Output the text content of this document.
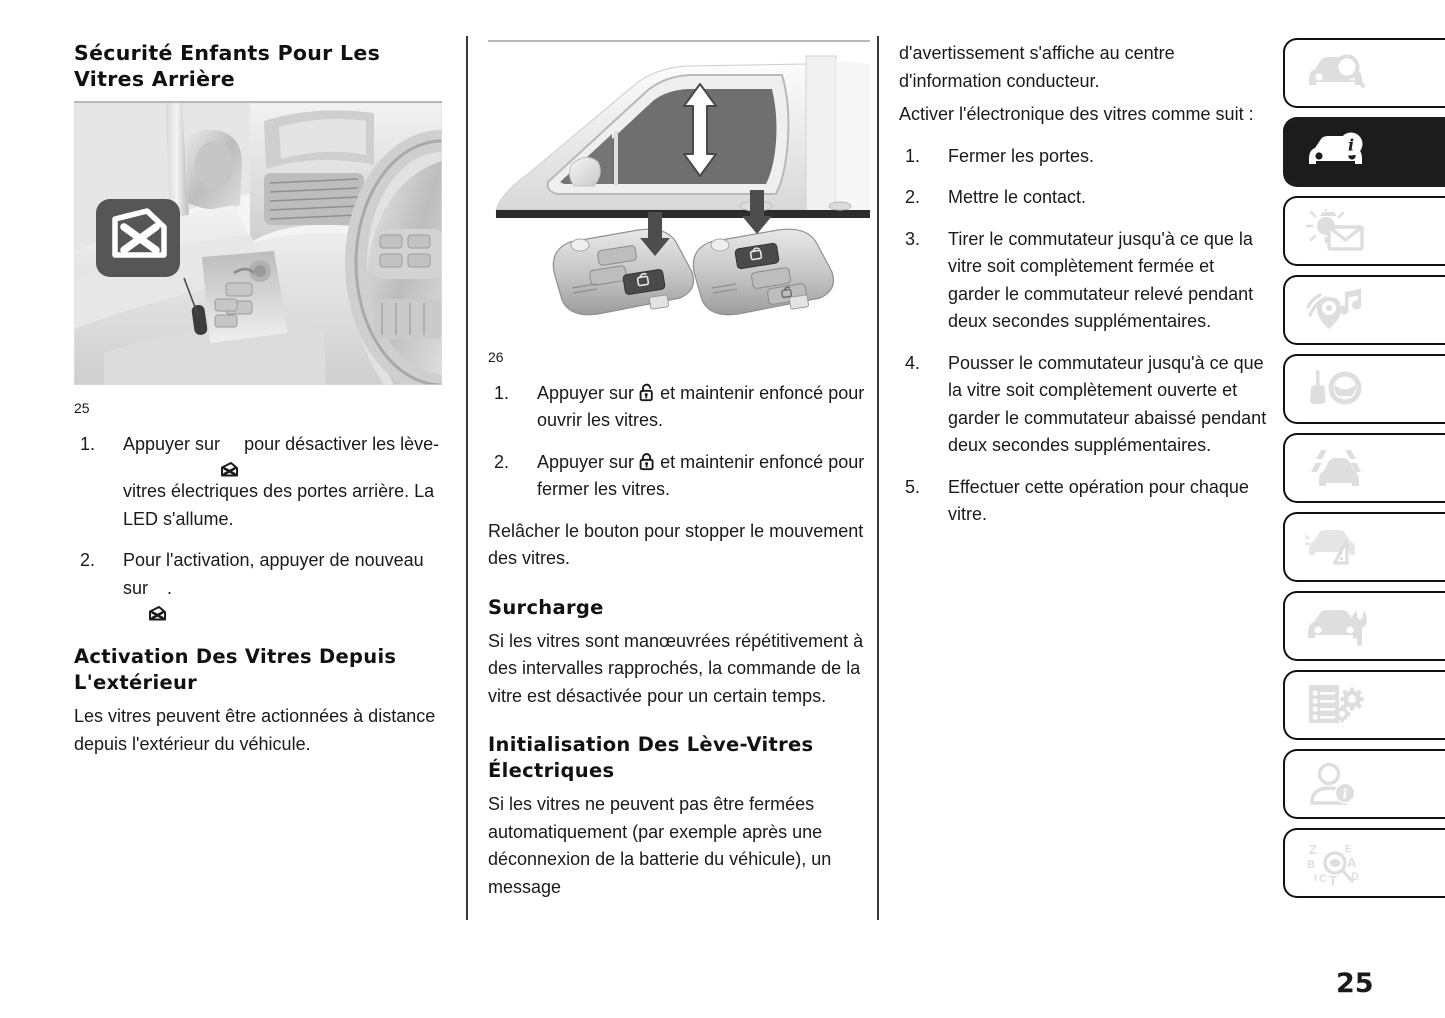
Sécurité Enfants Pour Les Vitres Arrière
25
1. Appuyer sur pour désactiver les lève-vitres électriques des portes arrière. La LED s'allume.
2. Pour l'activation, appuyer de nouveau sur .
Activation Des Vitres Depuis L'extérieur

Les vitres peuvent être actionnées à distance depuis l'extérieur du véhicule.

26
1. Appuyer sur et maintenir enfoncé pour ouvrir les vitres.
2. Appuyer sur et maintenir enfoncé pour fermer les vitres.

Relâcher le bouton pour stopper le mouvement des vitres.

Surcharge

Si les vitres sont manœuvrées répétitivement à des intervalles rapprochés, la commande de la vitre est désactivée pour un certain temps.

Initialisation Des Lève-Vitres Électriques

Si les vitres ne peuvent pas être fermées automatiquement (par exemple après une déconnexion de la batterie du véhicule), un message

d'avertissement s'affiche au centre d'information conducteur.

Activer l'électronique des vitres comme suit :

1. Fermer les portes.
2. Mettre le contact.
3. Tirer le commutateur jusqu'à ce que la vitre soit complètement fermée et garder le commutateur relevé pendant deux secondes supplémentaires.
4. Pousser le commutateur jusqu'à ce que la vitre soit complètement ouverte et garder le commutateur abaissé pendant deux secondes supplémentaires.
5. Effectuer cette opération pour chaque vitre.
i
i
Z
B
I C T
E
A
D
25
